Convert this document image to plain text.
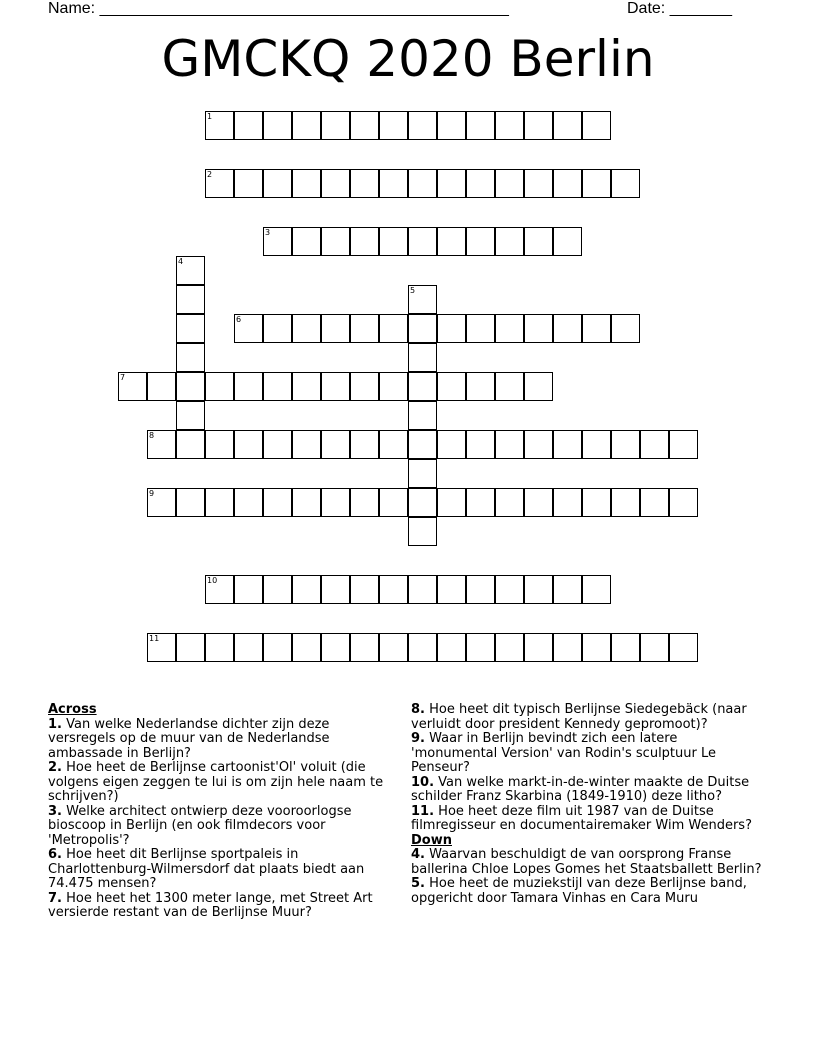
Name: ______________________________________________	Date: _______
GMCKQ 2020 Berlin
1
2
3
6
7
8
9
10
11
4
5
Across

1. Van welke Nederlandse dichter zijn deze versregels op de muur van de Nederlandse ambassade in Berlijn?

2. Hoe heet de Berlijnse cartoonist'Ol' voluit (die volgens eigen zeggen te lui is om zijn hele naam te schrijven?)

3. Welke architect ontwierp deze vooroorlogse bioscoop in Berlijn (en ook filmdecors voor 'Metropolis'?

6. Hoe heet dit Berlijnse sportpaleis in Charlottenburg-Wilmersdorf dat plaats biedt aan 74.475 mensen?

7. Hoe heet het 1300 meter lange, met Street Art versierde restant van de Berlijnse Muur?

8. Hoe heet dit typisch Berlijnse Siedegebäck (naar verluidt door president Kennedy gepromoot)?

9. Waar in Berlijn bevindt zich een latere 'monumental Version' van Rodin's sculptuur Le Penseur?

10. Van welke markt-in-de-winter maakte de Duitse schilder Franz Skarbina (1849-1910) deze litho?

11. Hoe heet deze film uit 1987 van de Duitse filmregisseur en documentairemaker Wim Wenders?

Down

4. Waarvan beschuldigt de van oorsprong Franse ballerina Chloe Lopes Gomes het Staatsballett Berlin?

5. Hoe heet de muziekstijl van deze Berlijnse band, opgericht door Tamara Vinhas en Cara Muru
